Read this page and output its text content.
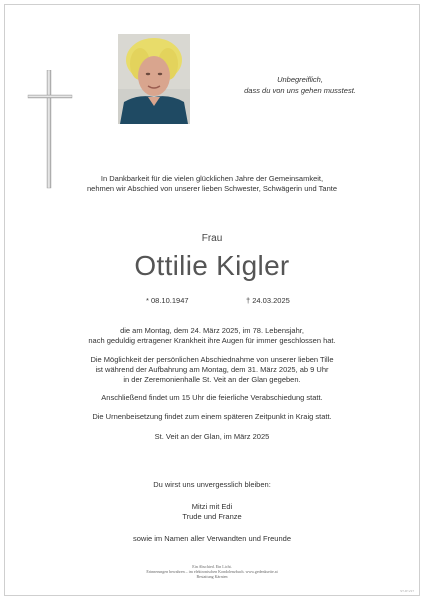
Unbegreiflich,
dass du von uns gehen musstest.
In Dankbarkeit für die vielen glücklichen Jahre der Gemeinsamkeit,
nehmen wir Abschied von unserer lieben Schwester, Schwägerin und Tante
Frau
Ottilie Kigler
* 08.10.1947	† 24.03.2025
die am Montag, dem 24. März 2025, im 78. Lebensjahr,
nach geduldig ertragener Krankheit ihre Augen für immer geschlossen hat.
Die Möglichkeit der persönlichen Abschiednahme von unserer lieben Tille
ist während der Aufbahrung am Montag, dem 31. März 2025, ab 9 Uhr
in der Zeremonienhalle St. Veit an der Glan gegeben.
Anschließend findet um 15 Uhr die feierliche Verabschiedung statt.
Die Urnenbeisetzung findet zum einem späteren Zeitpunkt in Kraig statt.
St. Veit an der Glan, im März 2025
Du wirst uns unvergesslich bleiben:
Mitzi mit Edi
Trude und Franze
sowie im Namen aller Verwandten und Freunde
Ein Abschied. Ein Licht.
Erinnerungen bewahren – im elektronischen Kondolenzbuch. www.gedenkseite.at
Bestattung Kärnten
ST-IP-V27
